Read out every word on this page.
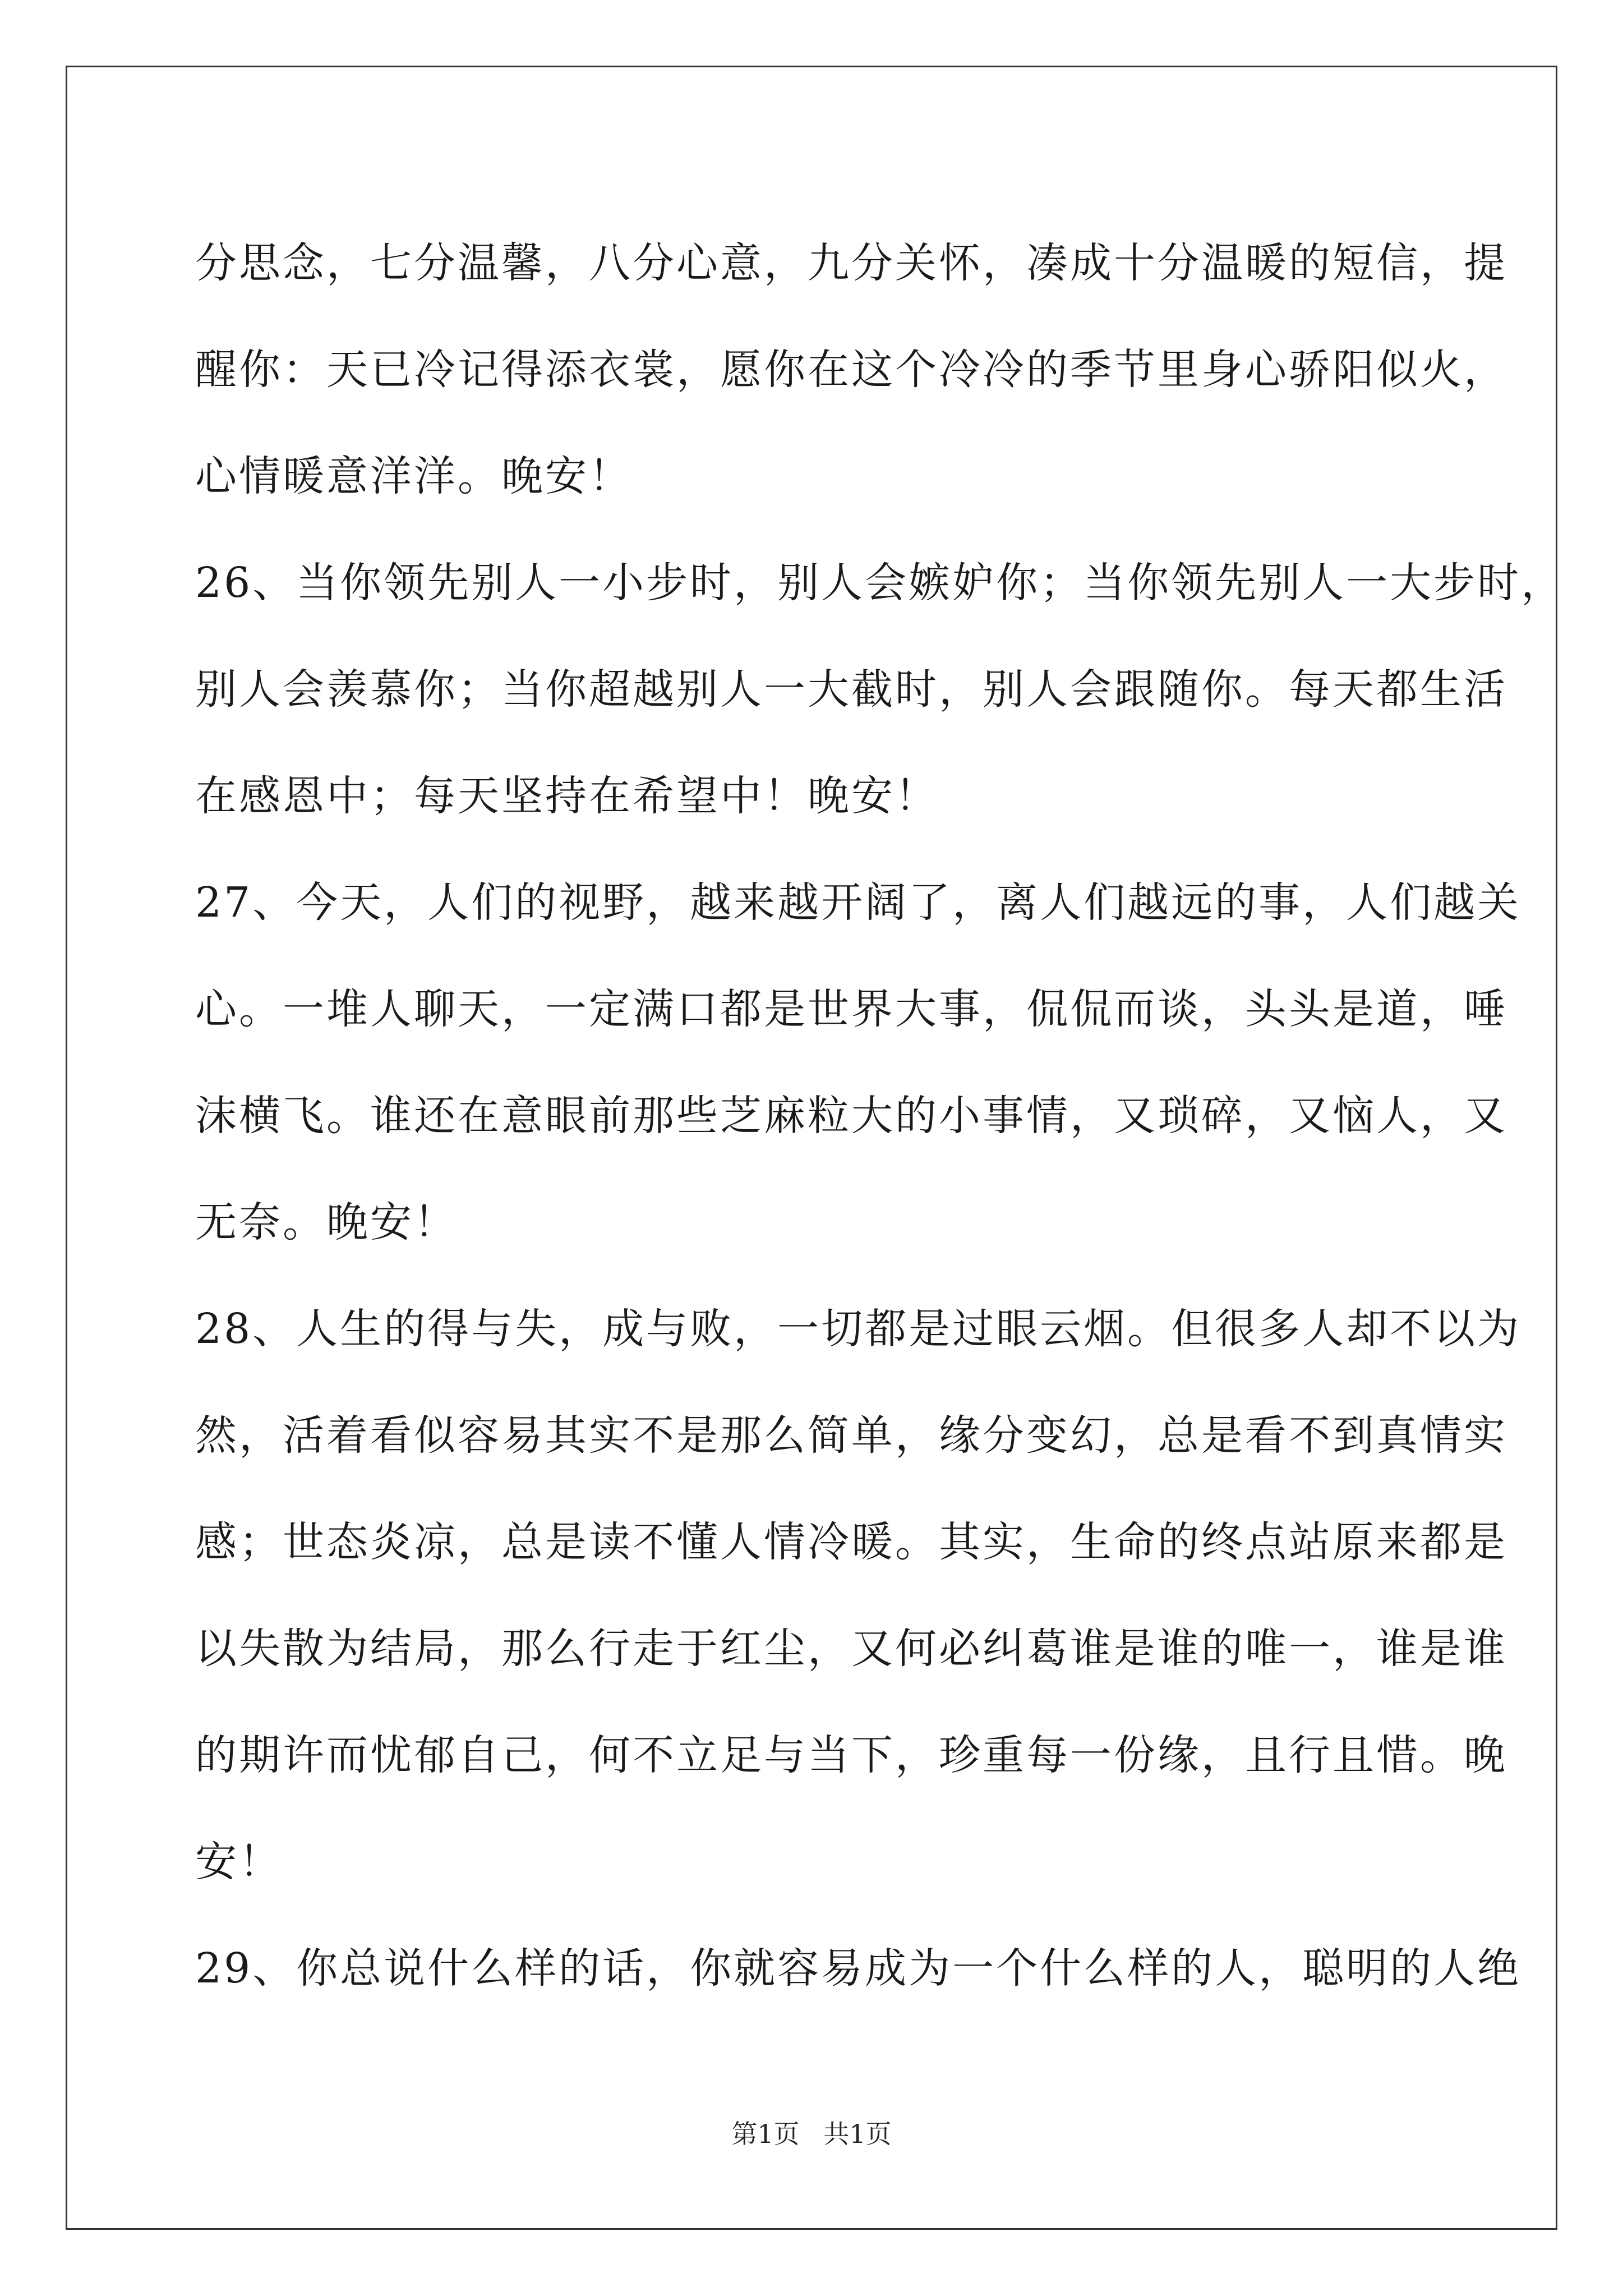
分思念，七分温馨，八分心意，九分关怀，凑成十分温暖的短信，提
醒你：天已冷记得添衣裳，愿你在这个冷冷的季节里身心骄阳似火，
心情暖意洋洋。晚安！
26、当你领先别人一小步时，别人会嫉妒你；当你领先别人一大步时，
别人会羡慕你；当你超越别人一大截时，别人会跟随你。每天都生活
在感恩中；每天坚持在希望中！晚安！
27、今天，人们的视野，越来越开阔了，离人们越远的事，人们越关
心。一堆人聊天，一定满口都是世界大事，侃侃而谈，头头是道，唾
沫横飞。谁还在意眼前那些芝麻粒大的小事情，又琐碎，又恼人，又
无奈。晚安！
28、人生的得与失，成与败，一切都是过眼云烟。但很多人却不以为
然，活着看似容易其实不是那么简单，缘分变幻，总是看不到真情实
感；世态炎凉，总是读不懂人情冷暖。其实，生命的终点站原来都是
以失散为结局，那么行走于红尘，又何必纠葛谁是谁的唯一，谁是谁
的期许而忧郁自己，何不立足与当下，珍重每一份缘，且行且惜。晚
安！
29、你总说什么样的话，你就容易成为一个什么样的人，聪明的人绝
第1页 共1页
